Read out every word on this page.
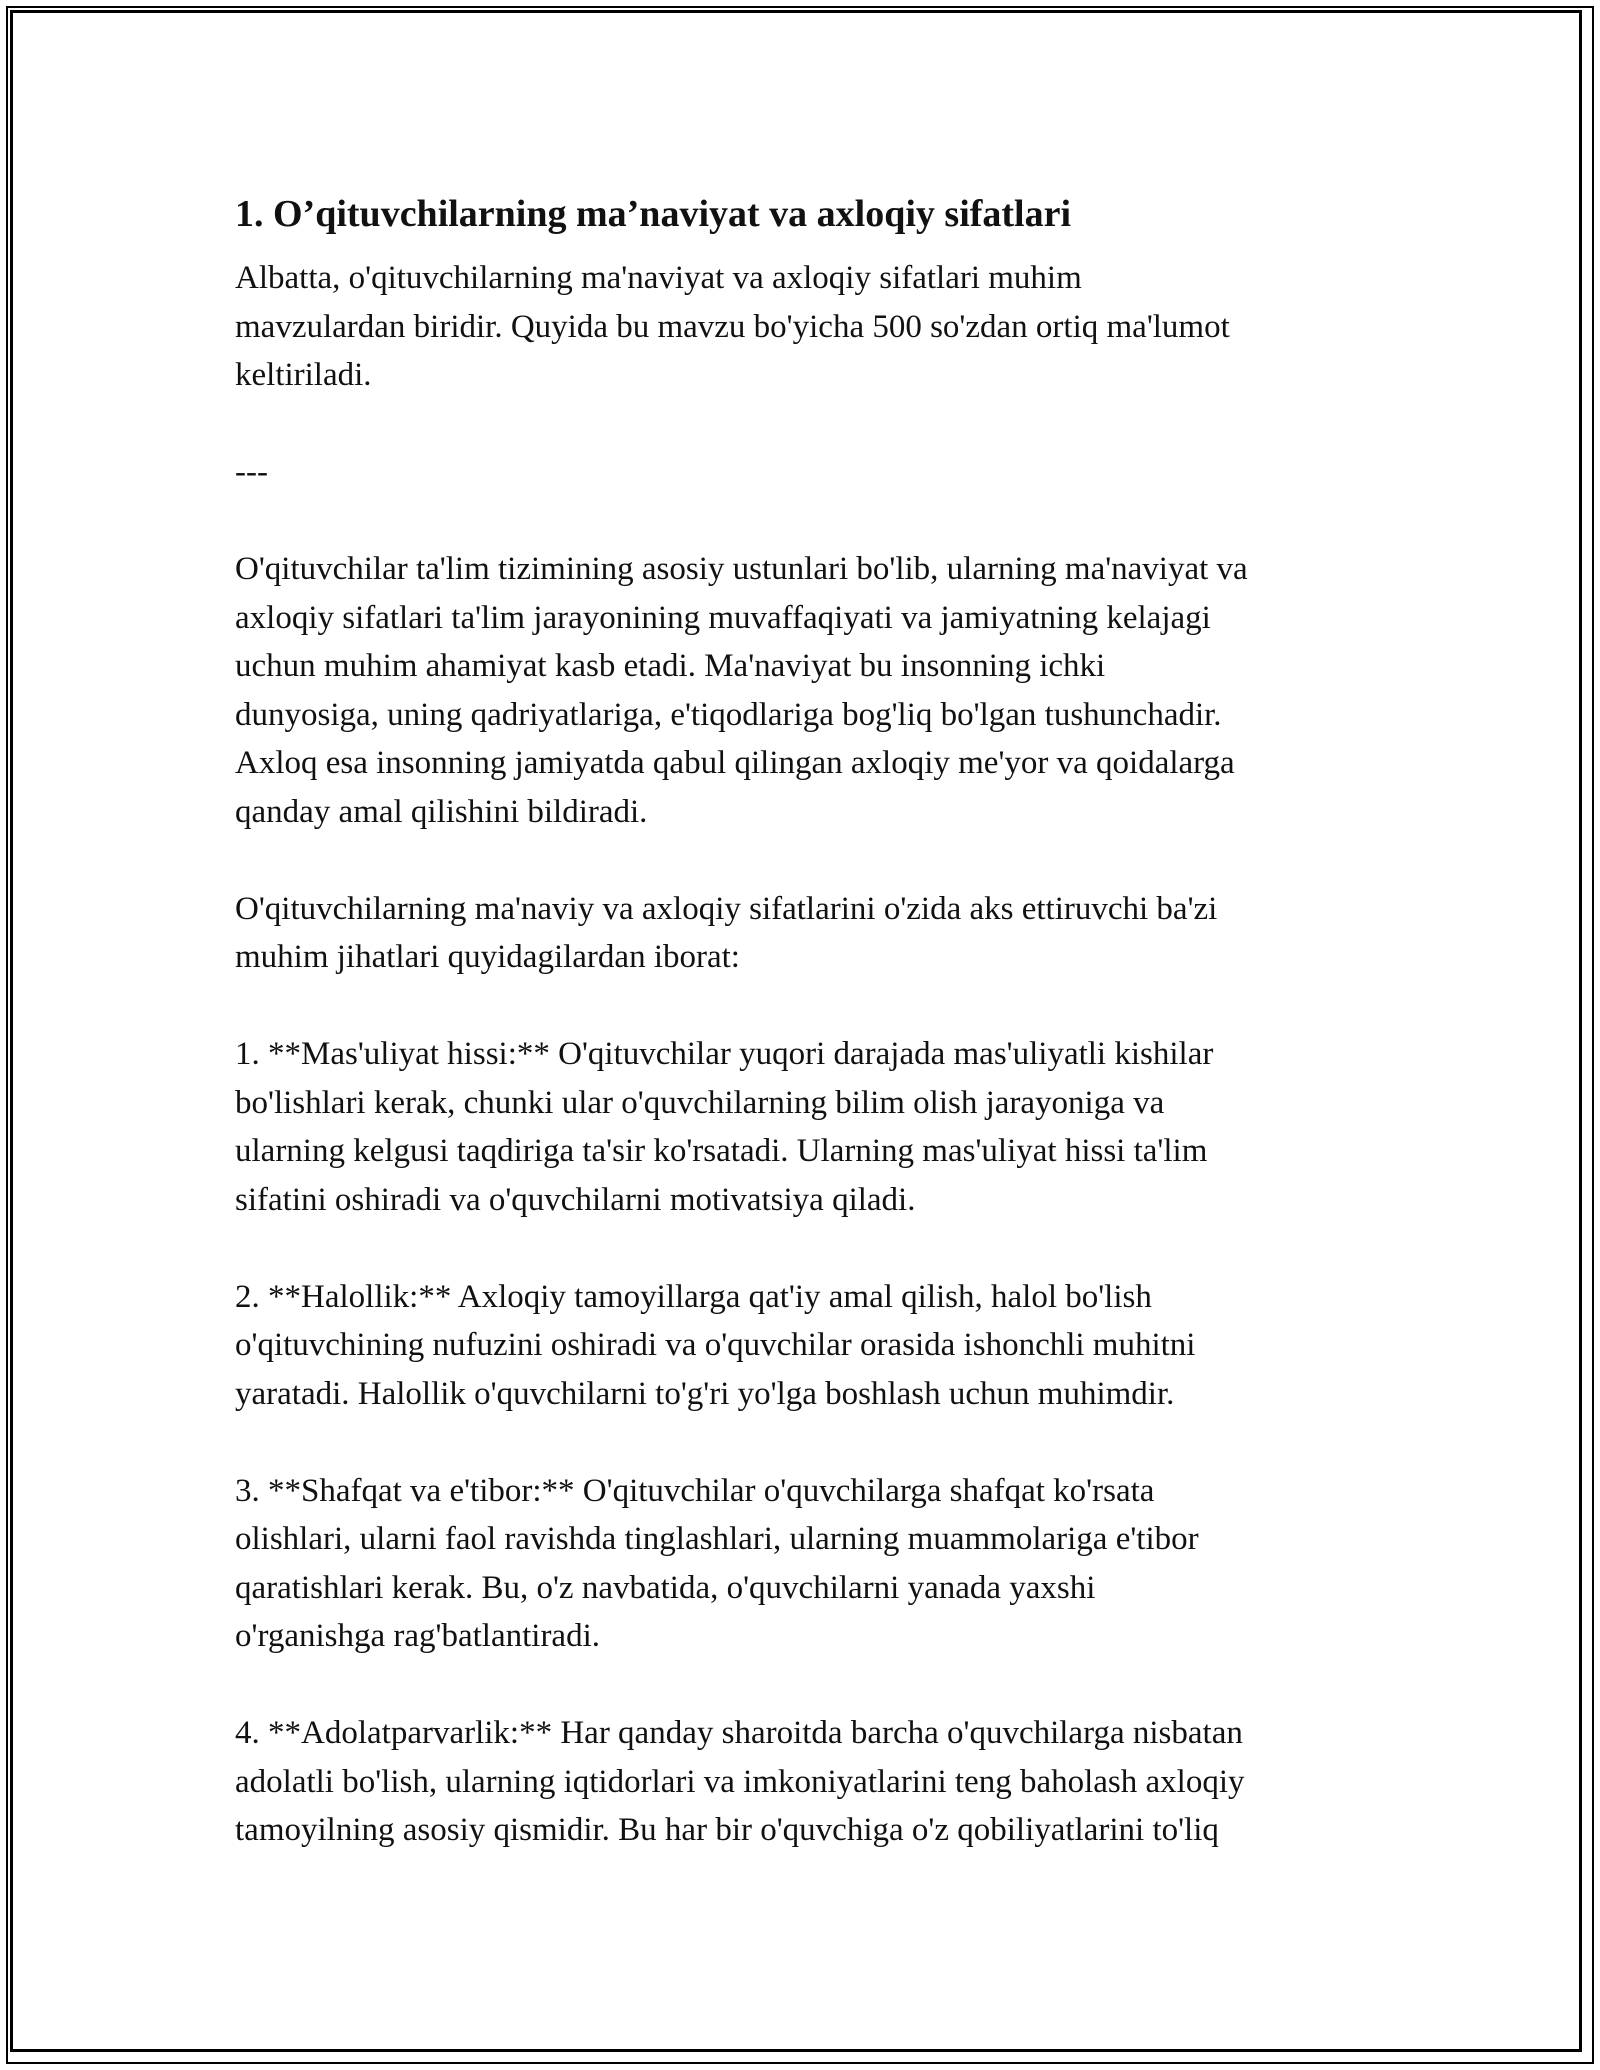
1. O’qituvchilarning ma’naviyat va axloqiy sifatlari
Albatta, o'qituvchilarning ma'naviyat va axloqiy sifatlari muhim
mavzulardan biridir. Quyida bu mavzu bo'yicha 500 so'zdan ortiq ma'lumot
keltiriladi.
---
O'qituvchilar ta'lim tizimining asosiy ustunlari bo'lib, ularning ma'naviyat va
axloqiy sifatlari ta'lim jarayonining muvaffaqiyati va jamiyatning kelajagi
uchun muhim ahamiyat kasb etadi. Ma'naviyat bu insonning ichki
dunyosiga, uning qadriyatlariga, e'tiqodlariga bog'liq bo'lgan tushunchadir.
Axloq esa insonning jamiyatda qabul qilingan axloqiy me'yor va qoidalarga
qanday amal qilishini bildiradi.
O'qituvchilarning ma'naviy va axloqiy sifatlarini o'zida aks ettiruvchi ba'zi
muhim jihatlari quyidagilardan iborat:
1. **Mas'uliyat hissi:** O'qituvchilar yuqori darajada mas'uliyatli kishilar
bo'lishlari kerak, chunki ular o'quvchilarning bilim olish jarayoniga va
ularning kelgusi taqdiriga ta'sir ko'rsatadi. Ularning mas'uliyat hissi ta'lim
sifatini oshiradi va o'quvchilarni motivatsiya qiladi.
2. **Halollik:** Axloqiy tamoyillarga qat'iy amal qilish, halol bo'lish
o'qituvchining nufuzini oshiradi va o'quvchilar orasida ishonchli muhitni
yaratadi. Halollik o'quvchilarni to'g'ri yo'lga boshlash uchun muhimdir.
3. **Shafqat va e'tibor:** O'qituvchilar o'quvchilarga shafqat ko'rsata
olishlari, ularni faol ravishda tinglashlari, ularning muammolariga e'tibor
qaratishlari kerak. Bu, o'z navbatida, o'quvchilarni yanada yaxshi
o'rganishga rag'batlantiradi.
4. **Adolatparvarlik:** Har qanday sharoitda barcha o'quvchilarga nisbatan
adolatli bo'lish, ularning iqtidorlari va imkoniyatlarini teng baholash axloqiy
tamoyilning asosiy qismidir. Bu har bir o'quvchiga o'z qobiliyatlarini to'liq
